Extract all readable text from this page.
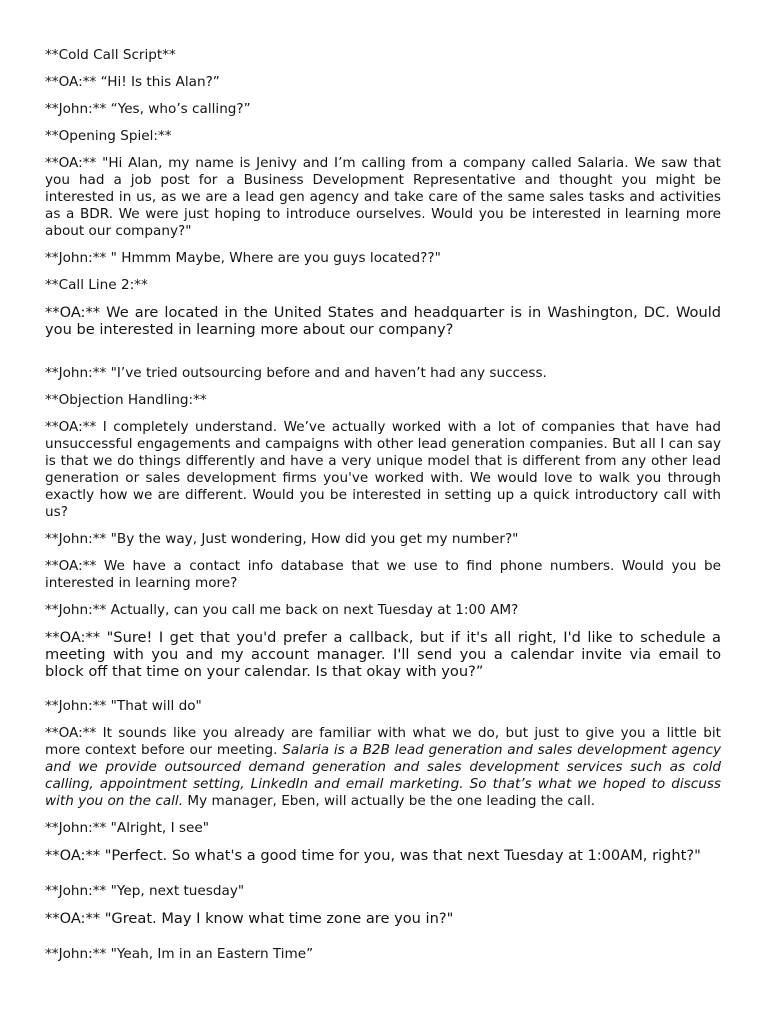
**Cold Call Script**

**OA:** “Hi! Is this Alan?”

**John:** “Yes, who’s calling?”

**Opening Spiel:**

**OA:** "Hi Alan, my name is Jenivy and I’m calling from a company called Salaria. We saw that you had a job post for a Business Development Representative and thought you might be interested in us, as we are a lead gen agency and take care of the same sales tasks and activities as a BDR. We were just hoping to introduce ourselves. Would you be interested in learning more about our company?"

**John:** " Hmmm Maybe, Where are you guys located??"

**Call Line 2:**

**OA:** We are located in the United States and headquarter is in Washington, DC. Would you be interested in learning more about our company?

**John:** "I’ve tried outsourcing before and and haven’t had any success.

**Objection Handling:**

**OA:** I completely understand. We’ve actually worked with a lot of companies that have had unsuccessful engagements and campaigns with other lead generation companies. But all I can say is that we do things differently and have a very unique model that is different from any other lead generation or sales development firms you've worked with. We would love to walk you through exactly how we are different. Would you be interested in setting up a quick introductory call with us?

**John:** "By the way, Just wondering, How did you get my number?"

**OA:** We have a contact info database that we use to find phone numbers. Would you be interested in learning more?

**John:** Actually, can you call me back on next Tuesday at 1:00 AM?

**OA:** "Sure! I get that you'd prefer a callback, but if it's all right, I'd like to schedule a meeting with you and my account manager. I'll send you a calendar invite via email to block off that time on your calendar. Is that okay with you?”

**John:** "That will do"

**OA:** It sounds like you already are familiar with what we do, but just to give you a little bit more context before our meeting. Salaria is a B2B lead generation and sales development agency and we provide outsourced demand generation and sales development services such as cold calling, appointment setting, LinkedIn and email marketing. So that’s what we hoped to discuss with you on the call. My manager, Eben, will actually be the one leading the call.

**John:** "Alright, I see"

**OA:** "Perfect. So what's a good time for you, was that next Tuesday at 1:00AM, right?"

**John:** "Yep, next tuesday"

**OA:** "Great. May I know what time zone are you in?"

**John:** "Yeah, Im in an Eastern Time”
